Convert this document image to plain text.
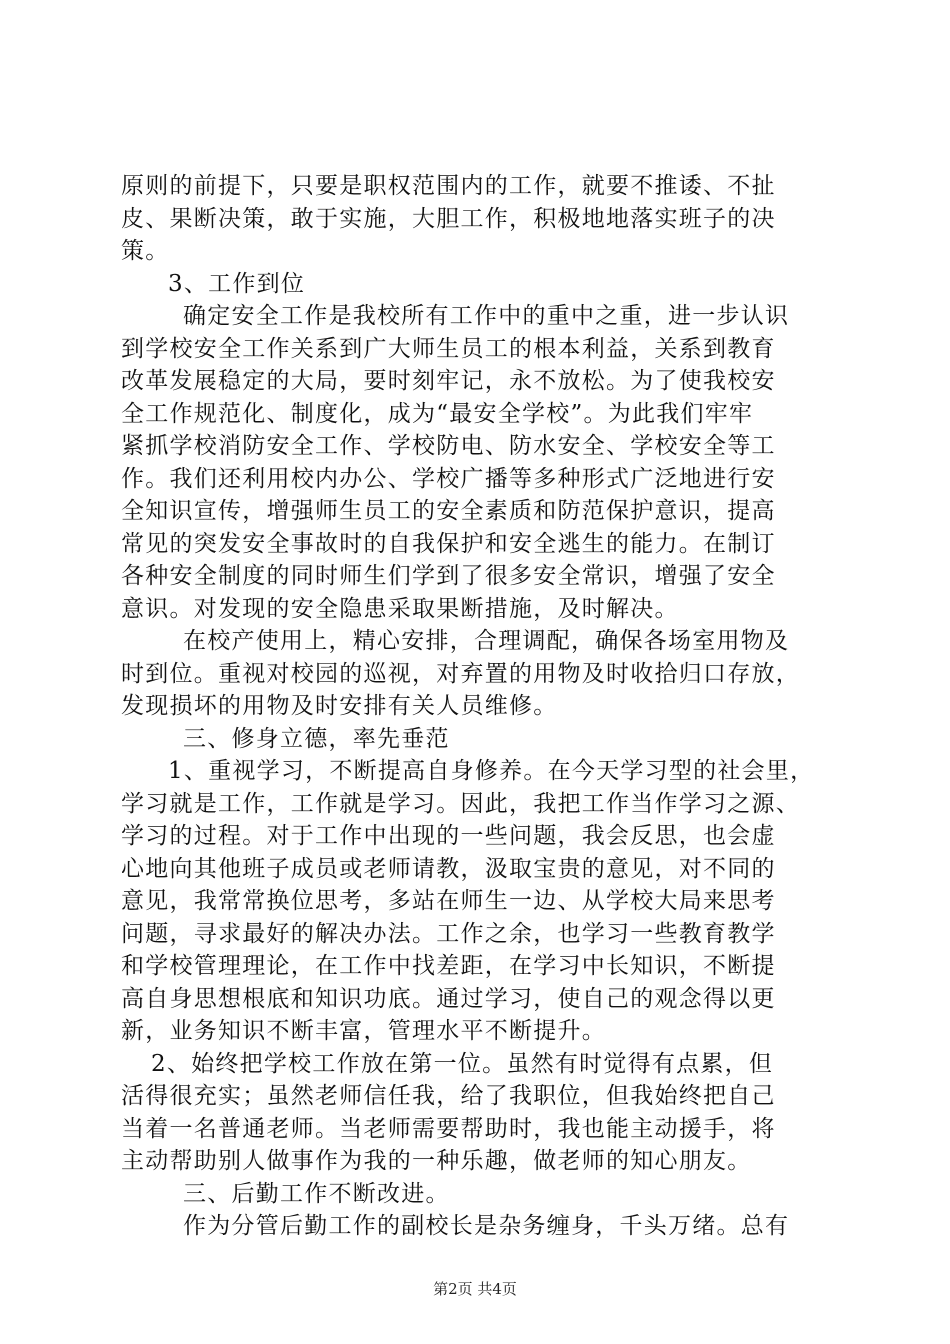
原则的前提下，只要是职权范围内的工作，就要不推诿、不扯
皮、果断决策，敢于实施，大胆工作，积极地地落实班子的决
策。
3、工作到位
确定安全工作是我校所有工作中的重中之重，进一步认识
到学校安全工作关系到广大师生员工的根本利益，关系到教育
改革发展稳定的大局，要时刻牢记，永不放松。为了使我校安
全工作规范化、制度化，成为“最安全学校”。为此我们牢牢
紧抓学校消防安全工作、学校防电、防水安全、学校安全等工
作。我们还利用校内办公、学校广播等多种形式广泛地进行安
全知识宣传，增强师生员工的安全素质和防范保护意识，提高
常见的突发安全事故时的自我保护和安全逃生的能力。在制订
各种安全制度的同时师生们学到了很多安全常识，增强了安全
意识。对发现的安全隐患采取果断措施，及时解决。
在校产使用上，精心安排，合理调配，确保各场室用物及
时到位。重视对校园的巡视，对弃置的用物及时收拾归口存放，
发现损坏的用物及时安排有关人员维修。
三、修身立德，率先垂范
1、重视学习，不断提高自身修养。在今天学习型的社会里，
学习就是工作，工作就是学习。因此，我把工作当作学习之源、
学习的过程。对于工作中出现的一些问题，我会反思，也会虚
心地向其他班子成员或老师请教，汲取宝贵的意见，对不同的
意见，我常常换位思考，多站在师生一边、从学校大局来思考
问题，寻求最好的解决办法。工作之余，也学习一些教育教学
和学校管理理论，在工作中找差距，在学习中长知识，不断提
高自身思想根底和知识功底。通过学习，使自己的观念得以更
新，业务知识不断丰富，管理水平不断提升。
2、始终把学校工作放在第一位。虽然有时觉得有点累，但
活得很充实；虽然老师信任我，给了我职位，但我始终把自己
当着一名普通老师。当老师需要帮助时，我也能主动援手，将
主动帮助别人做事作为我的一种乐趣，做老师的知心朋友。
三、后勤工作不断改进。
作为分管后勤工作的副校长是杂务缠身，千头万绪。总有
第2页 共4页
